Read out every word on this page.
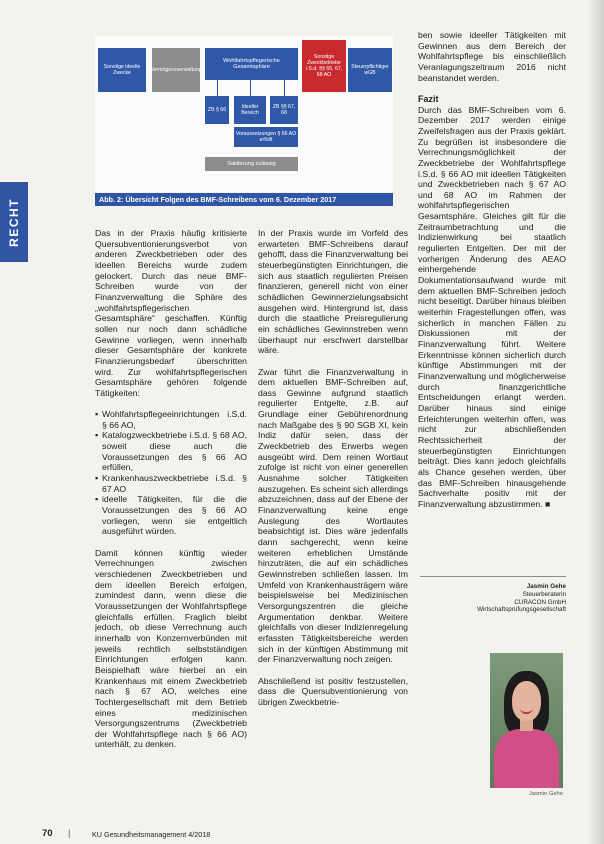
RECHT
Sonstige ideelle Zwecke
Vermögensverwaltung
Wohlfahrtspflegerische Gesamtsphäre
Sonstige Zweckbetriebe i.S.d. §§ 65, 67, 68 AO
Steuerpflichtiger wGB
ZB § 66
Ideeller Bereich
ZB §§ 67, 68
Voraussetzungen § 66 AO erfüllt
Saldierung zulässig
Abb. 2: Übersicht Folgen des BMF-Schreibens vom 6. Dezember 2017

Das in der Praxis häufig kritisierte Quersubventionierungsverbot von anderen Zweckbetrieben oder des ideellen Bereichs wurde zudem gelockert. Durch das neue BMF-Schreiben wurde von der Finanzverwaltung die Sphäre des „wohlfahrtspflegerischen Gesamtsphäre“ geschaffen. Künftig sollen nur noch dann schädliche Gewinne vorliegen, wenn innerhalb dieser Gesamtsphäre der konkrete Finanzierungsbedarf überschritten wird. Zur wohlfahrtspflegerischen Gesamtsphäre gehören folgende Tätigkeiten:

▪ Wohlfahrtspflegeeinrichtungen i.S.d. § 66 AO,
▪ Katalogzweckbetriebe i.S.d. § 68 AO, soweit diese auch die Voraussetzungen des § 66 AO erfüllen,
▪ Krankenhauszweckbetriebe i.S.d. § 67 AO
▪ ideelle Tätigkeiten, für die die Voraussetzungen des § 66 AO vorliegen, wenn sie entgeltlich ausgeführt würden.

Damit können künftig wieder Verrechnungen zwischen verschiedenen Zweckbetrieben und dem ideellen Bereich erfolgen, zumindest dann, wenn diese die Voraussetzungen der Wohlfahrtspflege gleichfalls erfüllen. Fraglich bleibt jedoch, ob diese Verrechnung auch innerhalb von Konzernverbünden mit jeweils rechtlich selbstständigen Einrichtungen erfolgen kann. Beispielhaft wäre hierbei an ein Krankenhaus mit einem Zweckbetrieb nach § 67 AO, welches eine Tochtergesellschaft mit dem Betrieb eines medizinischen Versorgungszentrums (Zweckbetrieb der Wohlfahrtspflege nach § 66 AO) unterhält, zu denken.

In der Praxis wurde im Vorfeld des erwarteten BMF-Schreibens darauf gehofft, dass die Finanzverwaltung bei steuerbegünstigten Einrichtungen, die sich aus staatlich regulierten Preisen finanzieren, generell nicht von einer schädlichen Gewinnerzielungsabsicht ausgehen wird. Hintergrund ist, dass durch die staatliche Preisregulierung ein schädliches Gewinnstreben wenn überhaupt nur erschwert darstellbar wäre.

Zwar führt die Finanzverwaltung in dem aktuellen BMF-Schreiben auf, dass Gewinne aufgrund staatlich regulierter Entgelte, z.B. auf Grundlage einer Gebührenordnung nach Maßgabe des § 90 SGB XI, kein Indiz dafür seien, dass der Zweckbetrieb des Erwerbs wegen ausgeübt wird. Dem reinen Wortlaut zufolge ist nicht von einer generellen Ausnahme solcher Tätigkeiten auszugehen. Es scheint sich allerdings abzuzeichnen, dass auf der Ebene der Finanzverwaltung keine enge Auslegung des Wortlautes beabsichtigt ist. Dies wäre jedenfalls dann sachgerecht, wenn keine weiteren erheblichen Umstände hinzuträten, die auf ein schädliches Gewinnstreben schließen lassen. Im Umfeld von Krankenhausträgern wäre beispielsweise bei Medizinischen Versorgungszentren die gleiche Argumentation denkbar. Weitere gleichfalls von dieser Indizienregelung erfassten Tätigkeitsbereiche werden sich in der künftigen Abstimmung mit der Finanzverwaltung noch zeigen.

Abschließend ist positiv festzustellen, dass die Quersubventionierung von übrigen Zweckbetrie-

ben sowie ideeller Tätigkeiten mit Gewinnen aus dem Bereich der Wohlfahrtspflege bis einschließlich Veranlagungszeitraum 2016 nicht beanstandet werden.

Fazit

Durch das BMF-Schreiben vom 6. Dezember 2017 werden einige Zweifelsfragen aus der Praxis geklärt. Zu begrüßen ist insbesondere die Verrechnungsmöglichkeit der Zweckbetriebe der Wohlfahrtspflege i.S.d. § 66 AO mit ideellen Tätigkeiten und Zweckbetrieben nach § 67 AO und 68 AO im Rahmen der wohlfahrtspflegerischen Gesamtsphäre. Gleiches gilt für die Zeitraumbetrachtung und die Indizienwirkung bei staatlich regulierten Entgelten. Der mit der vorherigen Änderung des AEAO einhergehende Dokumentationsaufwand wurde mit dem aktuellen BMF-Schreiben jedoch nicht beseitigt. Darüber hinaus bleiben weiterhin Fragestellungen offen, was sicherlich in manchen Fällen zu Diskussionen mit der Finanzverwaltung führt. Weitere Erkenntnisse können sicherlich durch künftige Abstimmungen mit der Finanzverwaltung und möglicherweise durch finanzgerichtliche Entscheidungen erlangt werden. Darüber hinaus sind einige Erleichterungen weiterhin offen, was nicht zur abschließenden Rechtssicherheit der steuerbegünstigten Einrichtungen beiträgt. Dies kann jedoch gleichfalls als Chance gesehen werden, über das BMF-Schreiben hinausgehende Sachverhalte positiv mit der Finanzverwaltung abzustimmen. ■

Jasmin Gehe
Steuerberaterin
CURACON GmbH
Wirtschaftsprüfungsgesellschaft
Jasmin Gehe
70 |	KU Gesundheitsmanagement 4/2018
